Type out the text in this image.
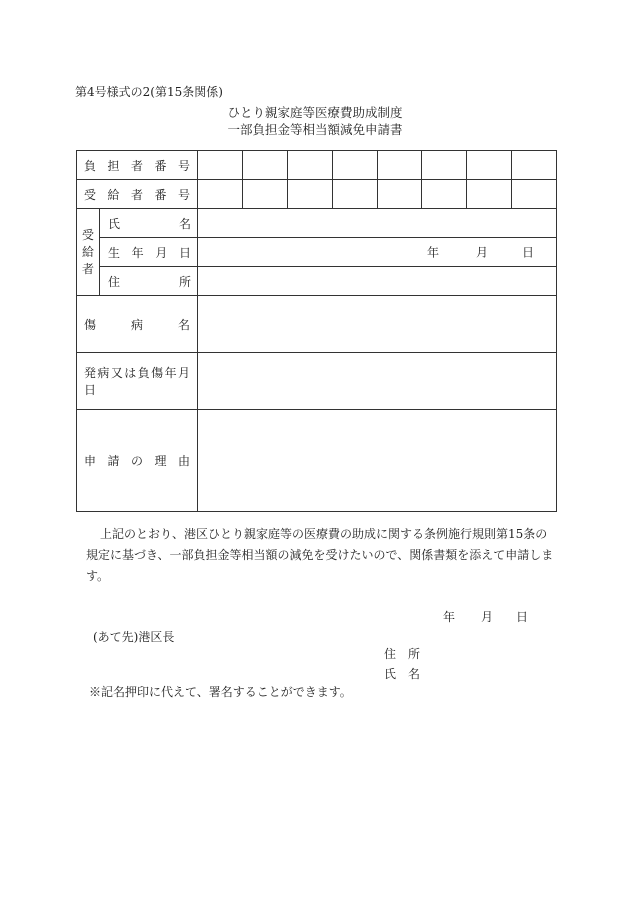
第4号様式の2(第15条関係)
ひとり親家庭等医療費助成制度
一部負担金等相当額減免申請書
負担者番号									
受給者番号									

受
給
者	氏名								
	生年月日	年 月 日							

	住所								
傷病名									
発病又は負傷年月日									
申請の理由									
上記のとおり、港区ひとり親家庭等の医療費の助成に関する条例施行規則第15条の規定に基づき、一部負担金等相当額の減免を受けたいので、関係書類を添えて申請します。
年 月 日
(あて先)港区長
住所
氏名
※記名押印に代えて、署名することができます。
